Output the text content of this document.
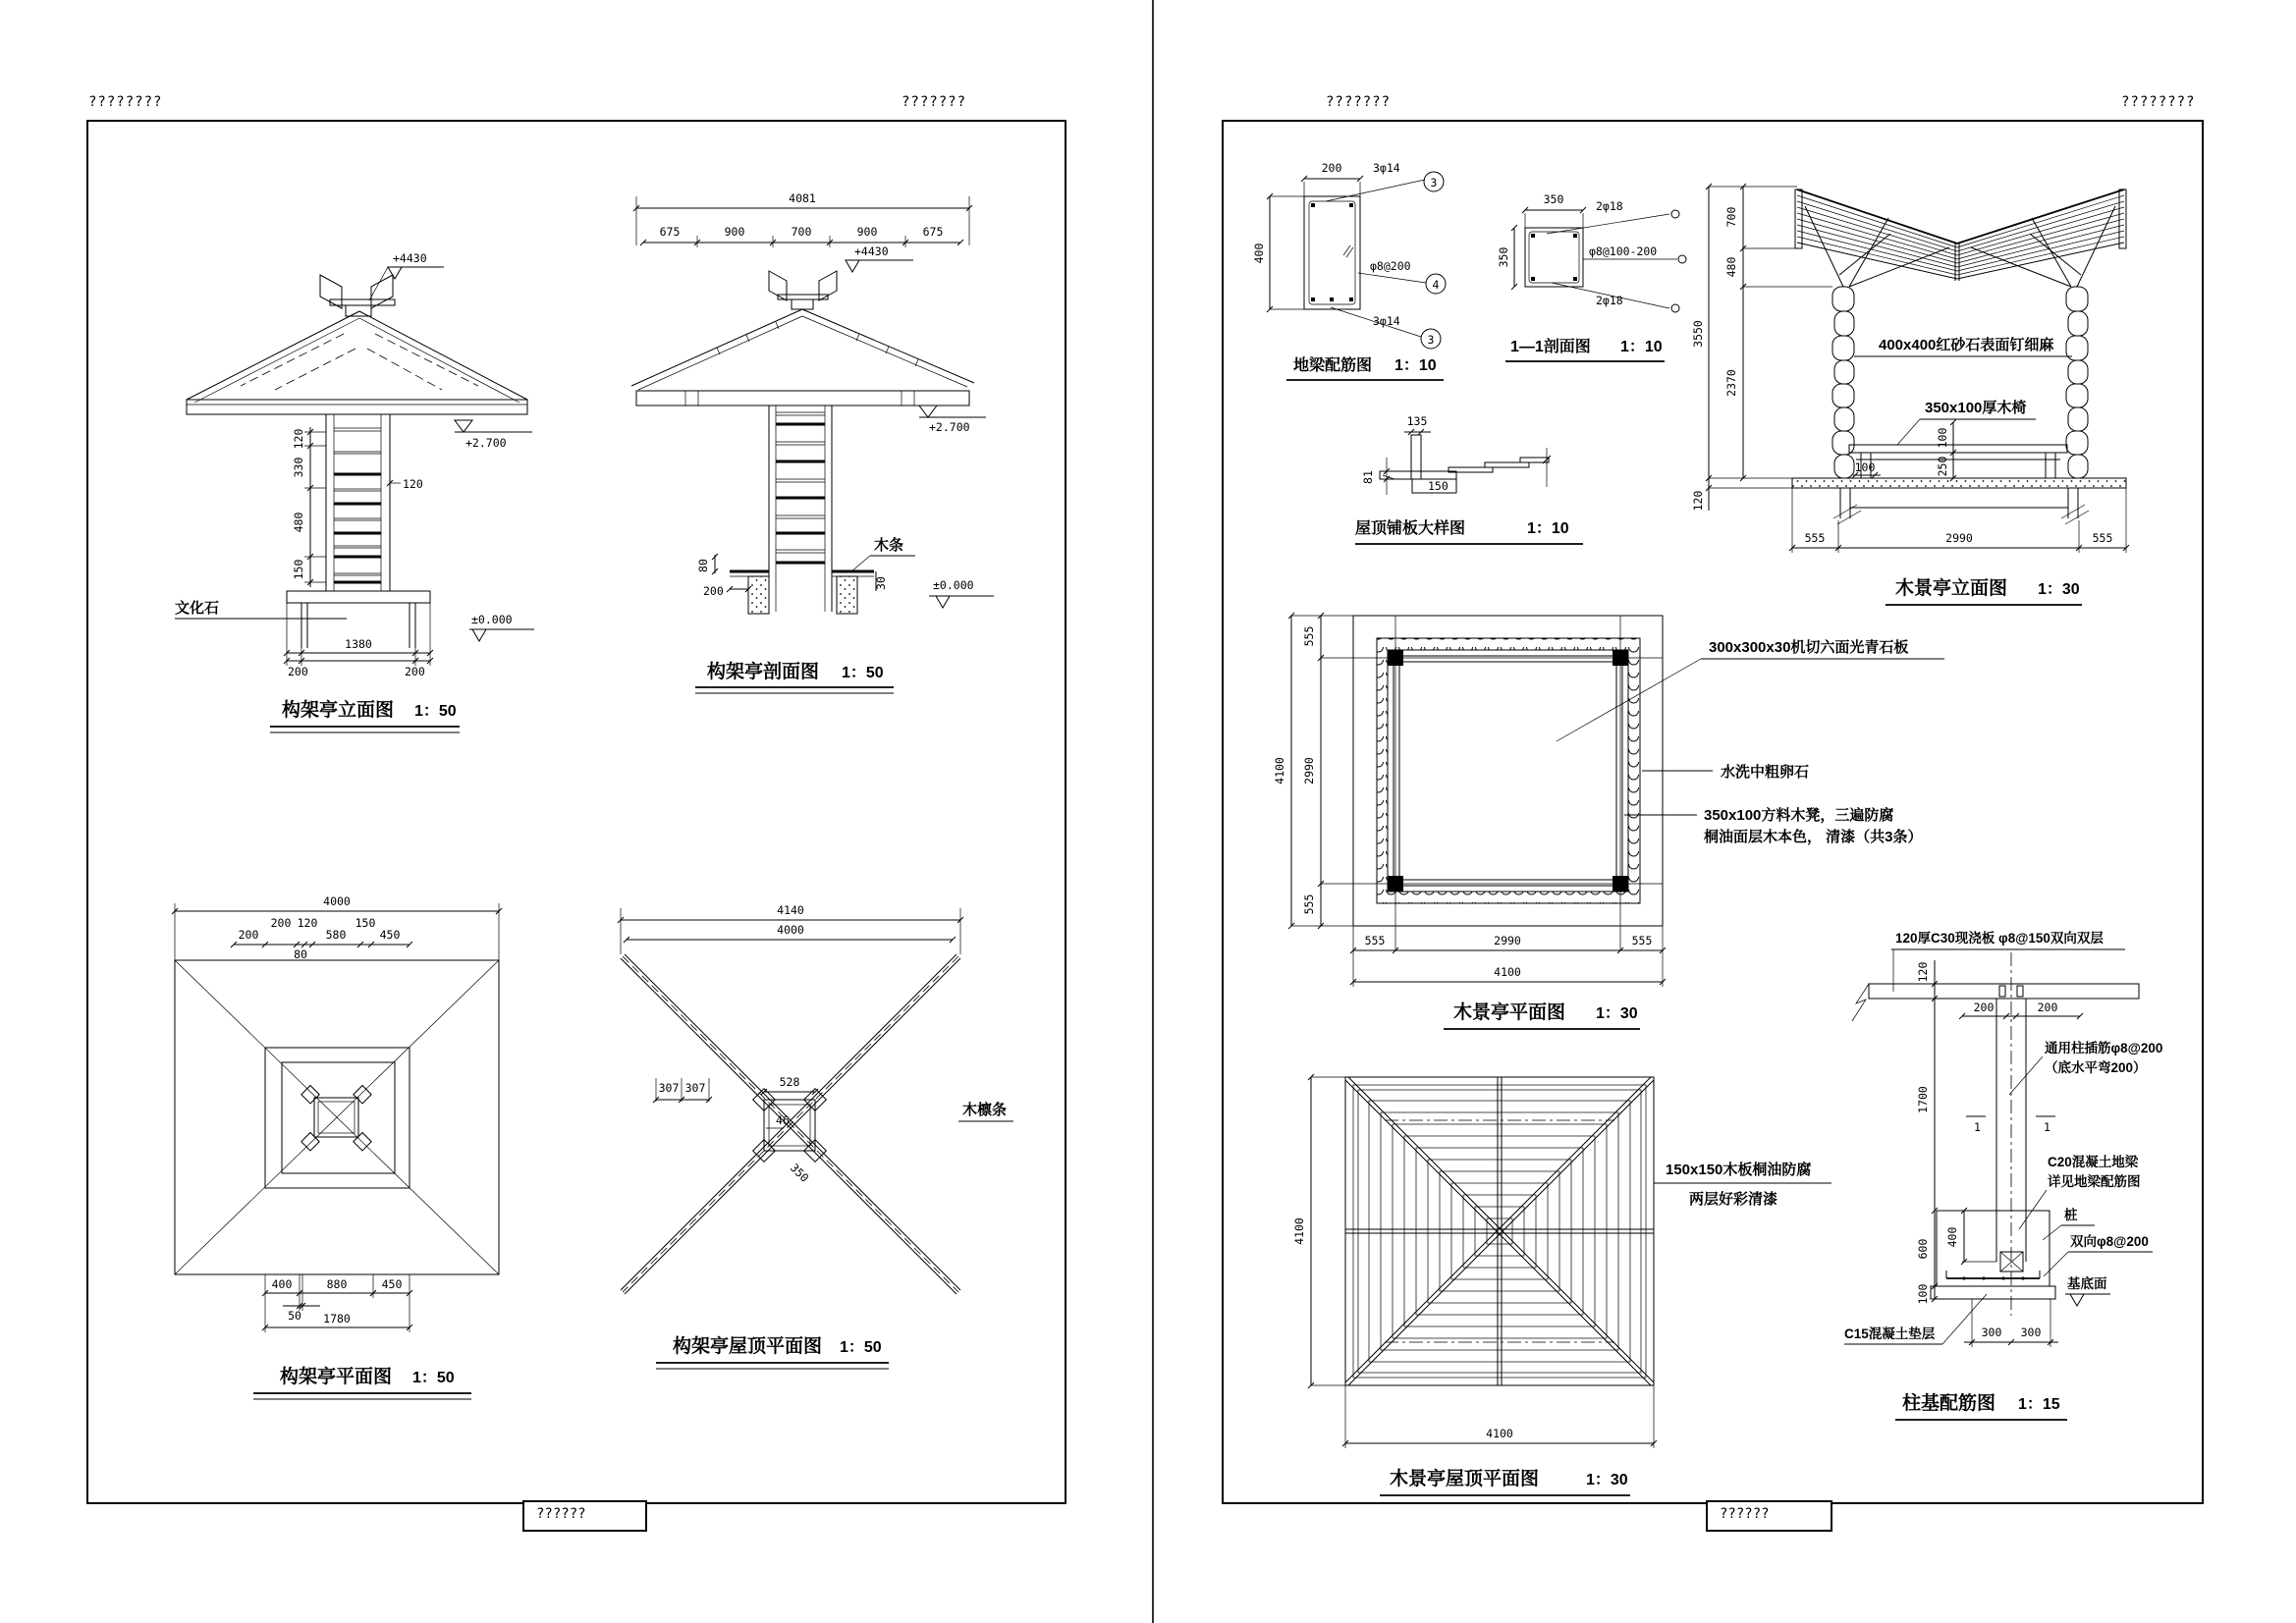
????????	???????	???????	????????
??????	??????
+4430
+2.700
120
330
480
150
120
文化石
±0.000
1380
200	200
构架亭立面图 1：50
4081
675	900	700	900	675
+4430
+2.700
木条
80
200
30	±0.000
构架亭剖面图 1：50
4000
200
200 120
580
150
450
80
400	880	450
50 1780
构架亭平面图 1：50
4140
4000
528
46
350
307 307
木檩条
构架亭屋顶平面图 1：50
200
400
3φ14
3
φ8@200
4
3φ14
3
地梁配筋图 1：10
350
350
2φ18
φ8@100-200
2φ18
1—1剖面图 1：10
135
150
81
屋顶铺板大样图	1：10
400x400红砂石表面钉细麻
350x100厚木椅
100
250
100
3550
120
700
480
2370
555	2990	555
木景亭立面图 1：30
555
2990
555
4100
555	2990	555
4100
300x300x30机切六面光青石板
水洗中粗卵石
350x100方料木凳，三遍防腐
桐油面层木本色， 清漆（共3条）
木景亭平面图 1：30
150x150木板桐油防腐
两层好彩清漆
4100
4100
木景亭屋顶平面图	1：30
120厚C30现浇板 φ8@150双向双层
120
200	200
1700
1	1
通用柱插筋φ8@200
（底水平弯200）
C20混凝土地梁
详见地梁配筋图
600
100
400
桩
双向φ8@200
基底面
C15混凝土垫层	300 300
柱基配筋图 1：15
